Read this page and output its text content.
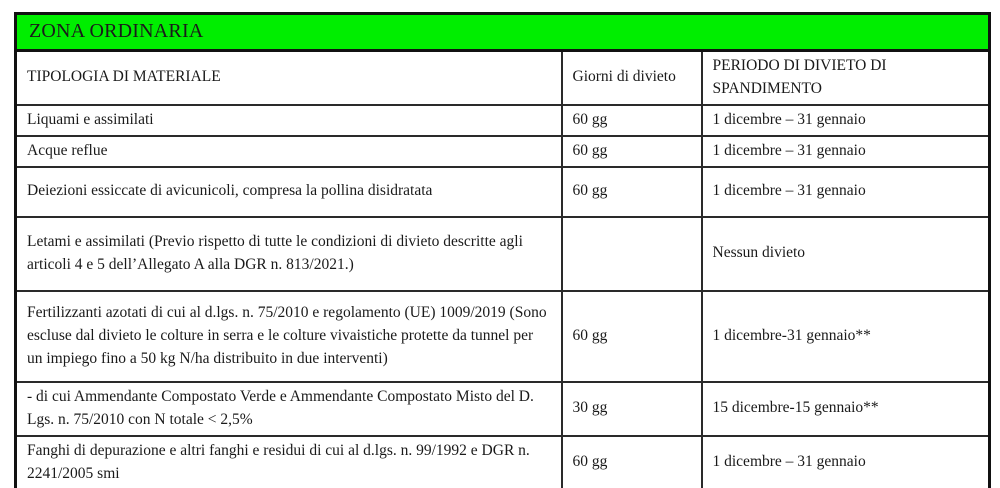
ZONA ORDINARIA		
TIPOLOGIA DI MATERIALE	Giorni di divieto	PERIODO DI DIVIETO DI SPANDIMENTO
Liquami e assimilati	60 gg	1 dicembre – 31 gennaio
Acque reflue	60 gg	1 dicembre – 31 gennaio
Deiezioni essiccate di avicunicoli, compresa la pollina disidratata	60 gg	1 dicembre – 31 gennaio
Letami e assimilati (Previo rispetto di tutte le condizioni di divieto descritte agli articoli 4 e 5 dell’Allegato A alla DGR n. 813/2021.)		Nessun divieto
Fertilizzanti azotati di cui al d.lgs. n. 75/2010 e regolamento (UE) 1009/2019 (Sono escluse dal divieto le colture in serra e le colture vivaistiche protette da tunnel per un impiego fino a 50 kg N/ha distribuito in due interventi)	60 gg	1 dicembre-31 gennaio**
- di cui Ammendante Compostato Verde e Ammendante Compostato Misto del D. Lgs. n. 75/2010 con N totale < 2,5%	30 gg	15 dicembre-15 gennaio**
Fanghi di depurazione e altri fanghi e residui di cui al d.lgs. n. 99/1992 e DGR n. 2241/2005 smi	60 gg	1 dicembre – 31 gennaio
